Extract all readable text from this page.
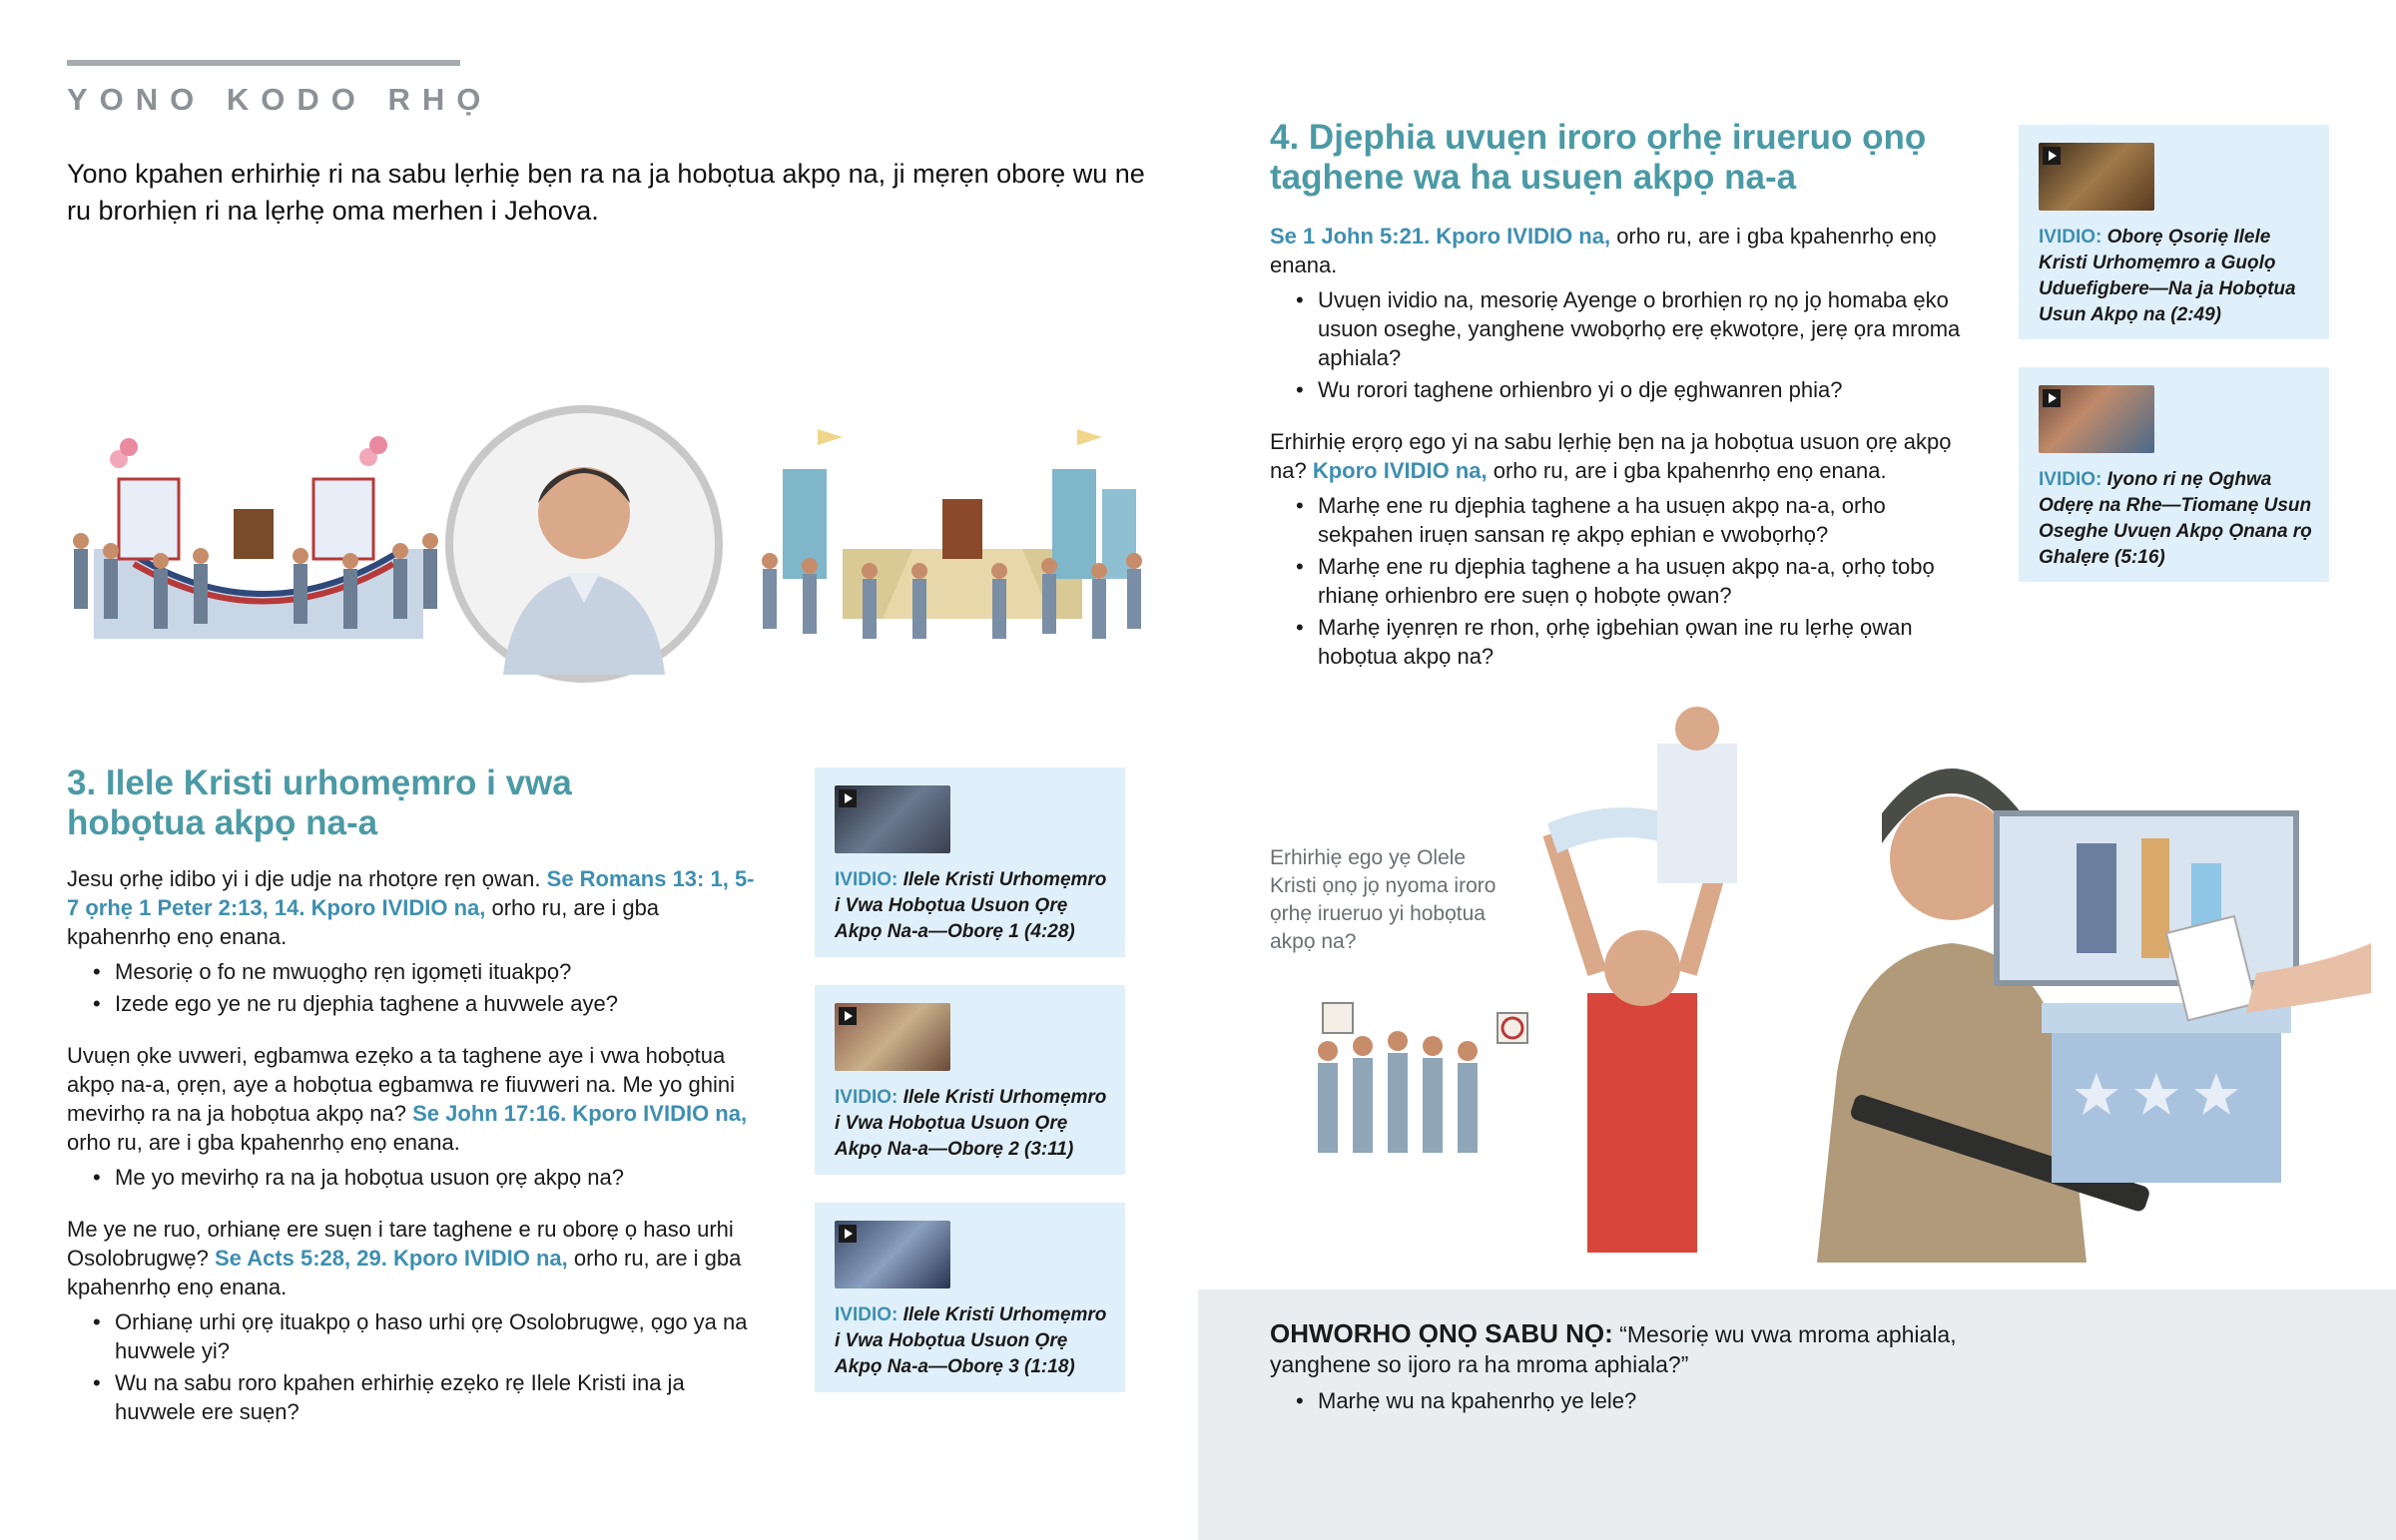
YONO KODO RHỌ
Yono kpahen erhirhiẹ ri na sabu lẹrhiẹ bẹn ra na ja hobọtua akpọ na, ji mẹrẹn oborẹ wu ne ru brorhiẹn ri na lẹrhẹ oma merhen i Jehova.
3. Ilele Kristi urhomẹmro i vwa hobọtua akpọ na-a

Jesu ọrhẹ idibo yi i dje udje na rhotọre rẹn ọwan. Se Romans 13: 1, 5-7 ọrhẹ 1 Peter 2:13, 14. Kporo IVIDIO na, orho ru, are i gba kpahenrhọ enọ enana.

• Mesoriẹ o fo ne mwuọghọ rẹn igọmẹti ituakpọ?
• Izede ego ye ne ru djephia taghene a huvwele aye?

Uvuẹn ọke uvweri, egbamwa ezẹko a ta taghene aye i vwa hobọtua akpọ na-a, ọrẹn, aye a hobọtua egbamwa re fiuvweri na. Me yo ghini mevirhọ ra na ja hobọtua akpọ na? Se John 17:16. Kporo IVIDIO na, orho ru, are i gba kpahenrhọ enọ enana.

• Me yo mevirhọ ra na ja hobọtua usuon ọrẹ akpọ na?

Me ye ne ruo, orhianẹ ere suẹn i tare taghene e ru oborẹ ọ haso urhi Osolobrugwẹ? Se Acts 5:28, 29. Kporo IVIDIO na, orho ru, are i gba kpahenrhọ enọ enana.

• Orhianẹ urhi ọrẹ ituakpọ ọ haso urhi ọrẹ Osolobrugwẹ, ọgo ya na huvwele yi?
• Wu na sabu roro kpahen erhirhiẹ ezẹko rẹ Ilele Kristi ina ja huvwele ere suẹn?
IVIDIO: Ilele Kristi Urhomẹmro i Vwa Hobọtua Usuon Ọrẹ Akpọ Na-a—Oborẹ 1 (4:28)
IVIDIO: Ilele Kristi Urhomẹmro i Vwa Hobọtua Usuon Ọrẹ Akpọ Na-a—Oborẹ 2 (3:11)
IVIDIO: Ilele Kristi Urhomẹmro i Vwa Hobọtua Usuon Ọrẹ Akpọ Na-a—Oborẹ 3 (1:18)
4. Djephia uvuẹn iroro ọrhẹ irueruo ọnọ taghene wa ha usuẹn akpọ na-a

Se 1 John 5:21. Kporo IVIDIO na, orho ru, are i gba kpahenrhọ enọ enana.

• Uvuẹn ividio na, mesoriẹ Ayenge o brorhiẹn rọ nọ jọ homaba ẹko usuon oseghe, yanghene vwobọrhọ erẹ ẹkwotọre, jerẹ ọra mroma aphiala?
• Wu rorori taghene orhienbro yi o dje ẹghwanren phia?

Erhirhiẹ erọrọ ego yi na sabu lẹrhiẹ bẹn na ja hobọtua usuon ọrẹ akpọ na? Kporo IVIDIO na, orho ru, are i gba kpahenrhọ enọ enana.

• Marhẹ ene ru djephia taghene a ha usuẹn akpọ na-a, orho sekpahen iruẹn sansan rẹ akpọ ephian e vwobọrhọ?
• Marhẹ ene ru djephia taghene a ha usuẹn akpọ na-a, ọrhọ tobọ rhianẹ orhienbro ere suẹn ọ hobọte ọwan?
• Marhẹ iyẹnrẹn re rhon, ọrhẹ igbehian ọwan ine ru lẹrhẹ ọwan hobọtua akpọ na?
IVIDIO: Oborẹ Ọsoriẹ Ilele Kristi Urhomẹmro a Guọlọ Uduefigbere—Na ja Hobọtua Usun Akpọ na (2:49)
IVIDIO: Iyono ri nẹ Oghwa Odẹrẹ na Rhe—Tiomanẹ Usun Oseghe Uvuẹn Akpọ Ọnana rọ Ghalẹre (5:16)
Erhirhiẹ ego yẹ Olele Kristi ọnọ jọ nyoma iroro ọrhẹ irueruo yi hobọtua akpọ na?
OHWORHO ỌNỌ SABU NỌ: “Mesoriẹ wu vwa mroma aphiala, yanghene so ijoro ra ha mroma aphiala?”
• Marhẹ wu na kpahenrhọ ye lele?
